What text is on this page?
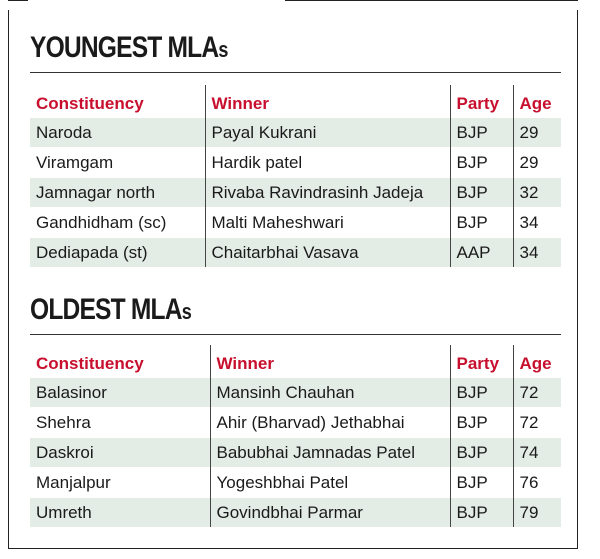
YOUNGEST MLAs
Constituency	Winner	Party	Age
Naroda	Payal Kukrani	BJP	29
Viramgam	Hardik patel	BJP	29
Jamnagar north	Rivaba Ravindrasinh Jadeja	BJP	32
Gandhidham (sc)	Malti Maheshwari	BJP	34
Dediapada (st)	Chaitarbhai Vasava	AAP	34
OLDEST MLAs
Constituency	Winner	Party	Age
Balasinor	Mansinh Chauhan	BJP	72
Shehra	Ahir (Bharvad) Jethabhai	BJP	72
Daskroi	Babubhai Jamnadas Patel	BJP	74
Manjalpur	Yogeshbhai Patel	BJP	76
Umreth	Govindbhai Parmar	BJP	79
